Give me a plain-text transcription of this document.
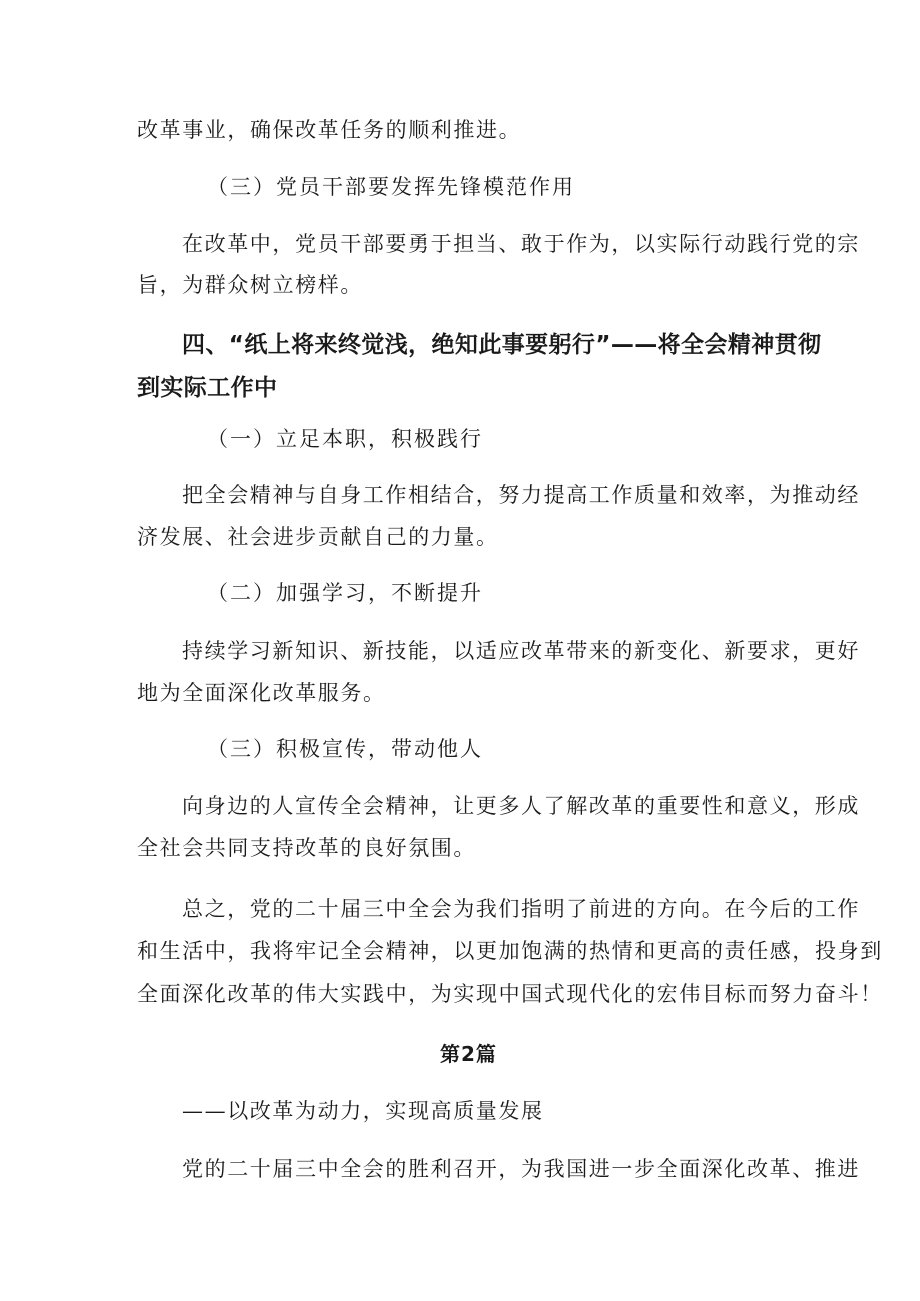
改革事业，确保改革任务的顺利推进。
（三）党员干部要发挥先锋模范作用
在改革中，党员干部要勇于担当、敢于作为，以实际行动践行党的宗
旨，为群众树立榜样。
四、“纸上将来终觉浅，绝知此事要躬行”——将全会精神贯彻
到实际工作中
（一）立足本职，积极践行
把全会精神与自身工作相结合，努力提高工作质量和效率，为推动经
济发展、社会进步贡献自己的力量。
（二）加强学习，不断提升
持续学习新知识、新技能，以适应改革带来的新变化、新要求，更好
地为全面深化改革服务。
（三）积极宣传，带动他人
向身边的人宣传全会精神，让更多人了解改革的重要性和意义，形成
全社会共同支持改革的良好氛围。
总之，党的二十届三中全会为我们指明了前进的方向。在今后的工作
和生活中，我将牢记全会精神，以更加饱满的热情和更高的责任感，投身到
全面深化改革的伟大实践中，为实现中国式现代化的宏伟目标而努力奋斗！
第2篇
——以改革为动力，实现高质量发展
党的二十届三中全会的胜利召开，为我国进一步全面深化改革、推进
